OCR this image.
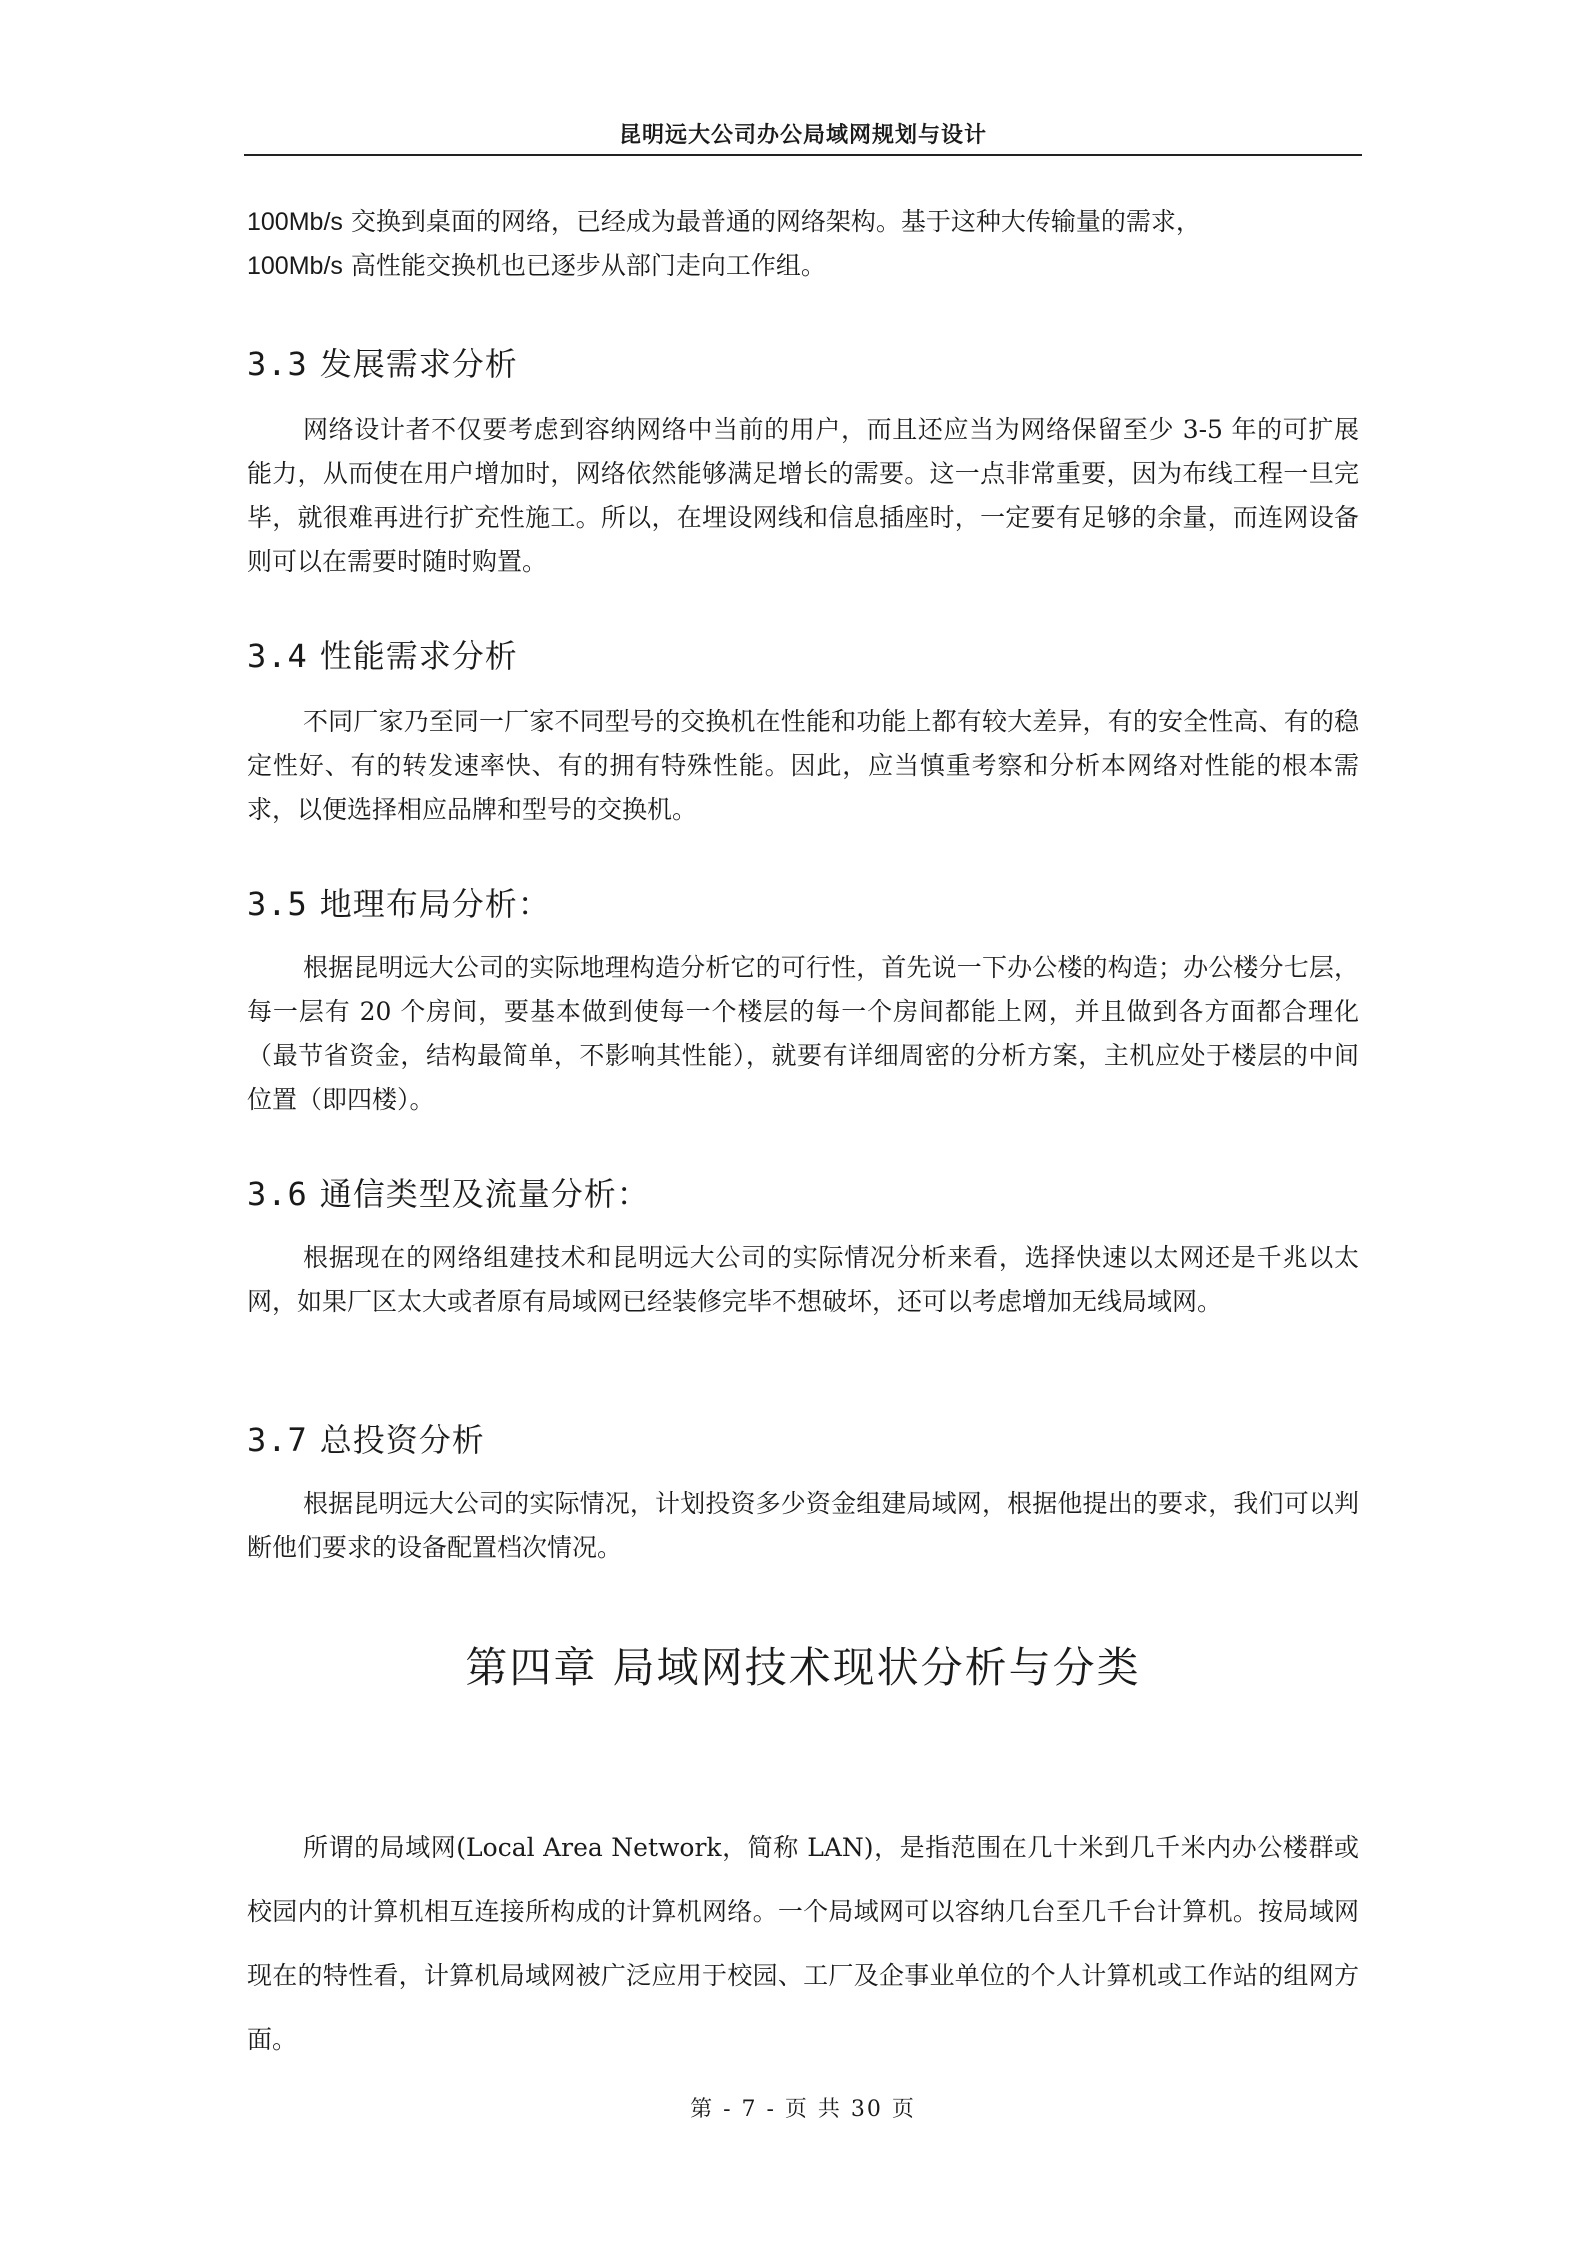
昆明远大公司办公局域网规划与设计

100Mb/s 交换到桌面的网络，已经成为最普通的网络架构。基于这种大传输量的需求，
100Mb/s 高性能交换机也已逐步从部门走向工作组。

3.3 发展需求分析

网络设计者不仅要考虑到容纳网络中当前的用户，而且还应当为网络保留至少 3-5 年的可扩展能力，从而使在用户增加时，网络依然能够满足增长的需要。这一点非常重要，因为布线工程一旦完毕，就很难再进行扩充性施工。所以，在埋设网线和信息插座时，一定要有足够的余量，而连网设备则可以在需要时随时购置。

3.4 性能需求分析

不同厂家乃至同一厂家不同型号的交换机在性能和功能上都有较大差异，有的安全性高、有的稳定性好、有的转发速率快、有的拥有特殊性能。因此，应当慎重考察和分析本网络对性能的根本需求，以便选择相应品牌和型号的交换机。

3.5 地理布局分析：

根据昆明远大公司的实际地理构造分析它的可行性，首先说一下办公楼的构造；办公楼分七层，每一层有 20 个房间，要基本做到使每一个楼层的每一个房间都能上网，并且做到各方面都合理化（最节省资金，结构最简单，不影响其性能），就要有详细周密的分析方案，主机应处于楼层的中间位置（即四楼）。

3.6 通信类型及流量分析：

根据现在的网络组建技术和昆明远大公司的实际情况分析来看，选择快速以太网还是千兆以太网，如果厂区太大或者原有局域网已经装修完毕不想破坏，还可以考虑增加无线局域网。

3.7 总投资分析

根据昆明远大公司的实际情况，计划投资多少资金组建局域网，根据他提出的要求，我们可以判断他们要求的设备配置档次情况。

第四章 局域网技术现状分析与分类

所谓的局域网(Local Area Network，简称 LAN)，是指范围在几十米到几千米内办公楼群或校园内的计算机相互连接所构成的计算机网络。一个局域网可以容纳几台至几千台计算机。按局域网现在的特性看，计算机局域网被广泛应用于校园、工厂及企事业单位的个人计算机或工作站的组网方面。

第 - 7 - 页 共 30 页
